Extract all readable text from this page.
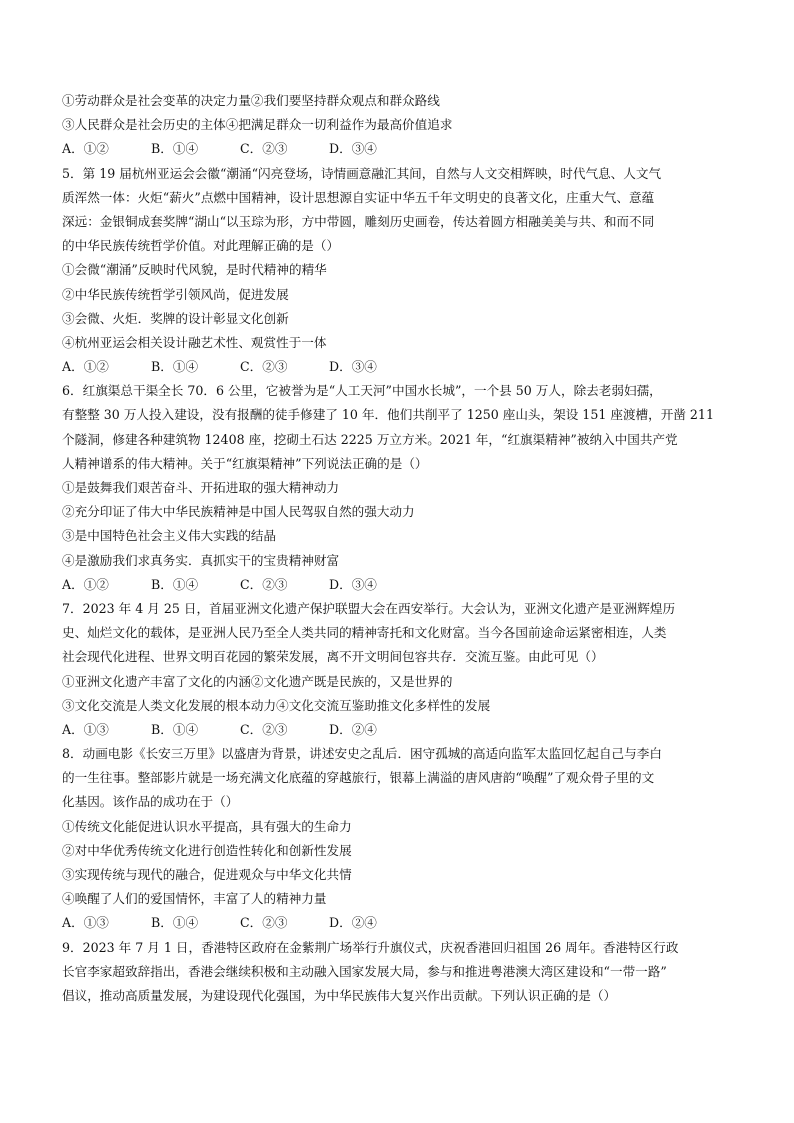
①劳动群众是社会变革的决定力量②我们要坚持群众观点和群众路线
③人民群众是社会历史的主体④把满足群众一切利益作为最高价值追求
A．①②	B．①④	C．②③	D．③④
5．第 19 届杭州亚运会会徽“潮涌“闪亮登场，诗情画意融汇其间，自然与人文交相辉映，时代气息、人文气
质浑然一体：火炬“薪火”点燃中国精神，设计思想源自实证中华五千年文明史的良著文化，庄重大气、意蕴
深远：金银铜成套奖牌“湖山“以玉琮为形，方中带圆，雕刻历史画卷，传达着圆方相融美美与共、和而不同
的中华民族传统哲学价值。对此理解正确的是（）
①会微“潮涌”反映时代风貌，是时代精神的精华
②中华民族传统哲学引领风尚，促进发展
③会微、火炬．奖牌的设计彰显文化创新
④杭州亚运会相关设计融艺术性、观赏性于一体
A．①②	B．①④	C．②③	D．③④
6．红旗渠总干渠全长 70．6 公里，它被誉为是“人工天河”中国水长城”，一个县 50 万人，除去老弱妇孺，
有整整 30 万人投入建设，没有报酬的徒手修建了 10 年．他们共削平了 1250 座山头，架设 151 座渡槽，开凿 211
个隧洞，修建各种建筑物 12408 座，挖砌土石达 2225 万立方米。2021 年，“红旗渠精神”被纳入中国共产党
人精神谱系的伟大精神。关于“红旗渠精神”下列说法正确的是（）
①是鼓舞我们艰苦奋斗、开拓进取的强大精神动力
②充分印证了伟大中华民族精神是中国人民驾驭自然的强大动力
③是中国特色社会主义伟大实践的结晶
④是激励我们求真务实．真抓实干的宝贵精神财富
A．①②	B．①④	C．②③	D．③④
7．2023 年 4 月 25 日，首届亚洲文化遗产保护联盟大会在西安举行。大会认为，亚洲文化遗产是亚洲辉煌历
史、灿烂文化的载体，是亚洲人民乃至全人类共同的精神寄托和文化财富。当今各国前途命运紧密相连，人类
社会现代化进程、世界文明百花园的繁荣发展，离不开文明间包容共存．交流互鉴。由此可见（）
①亚洲文化遗产丰富了文化的内涵②文化遗产既是民族的，又是世界的
③文化交流是人类文化发展的根本动力④文化交流互鉴助推文化多样性的发展
A．①③	B．①④	C．②③	D．②④
8．动画电影《长安三万里》以盛唐为背景，讲述安史之乱后．困守孤城的高适向监军太监回忆起自己与李白
的一生往事。整部影片就是一场充满文化底蕴的穿越旅行，银幕上满溢的唐风唐韵“唤醒”了观众骨子里的文
化基因。该作品的成功在于（）
①传统文化能促进认识水平提高，具有强大的生命力
②对中华优秀传统文化进行创造性转化和创新性发展
③实现传统与现代的融合，促进观众与中华文化共情
④唤醒了人们的爱国情怀，丰富了人的精神力量
A．①③	B．①④	C．②③	D．②④
9．2023 年 7 月 1 日，香港特区政府在金紫荆广场举行升旗仪式，庆祝香港回归祖国 26 周年。香港特区行政
长官李家超致辞指出，香港会继续积极和主动融入国家发展大局，参与和推进粤港澳大湾区建设和“一带一路”
倡议，推动高质量发展，为建设现代化强国，为中华民族伟大复兴作出贡献。下列认识正确的是（）
